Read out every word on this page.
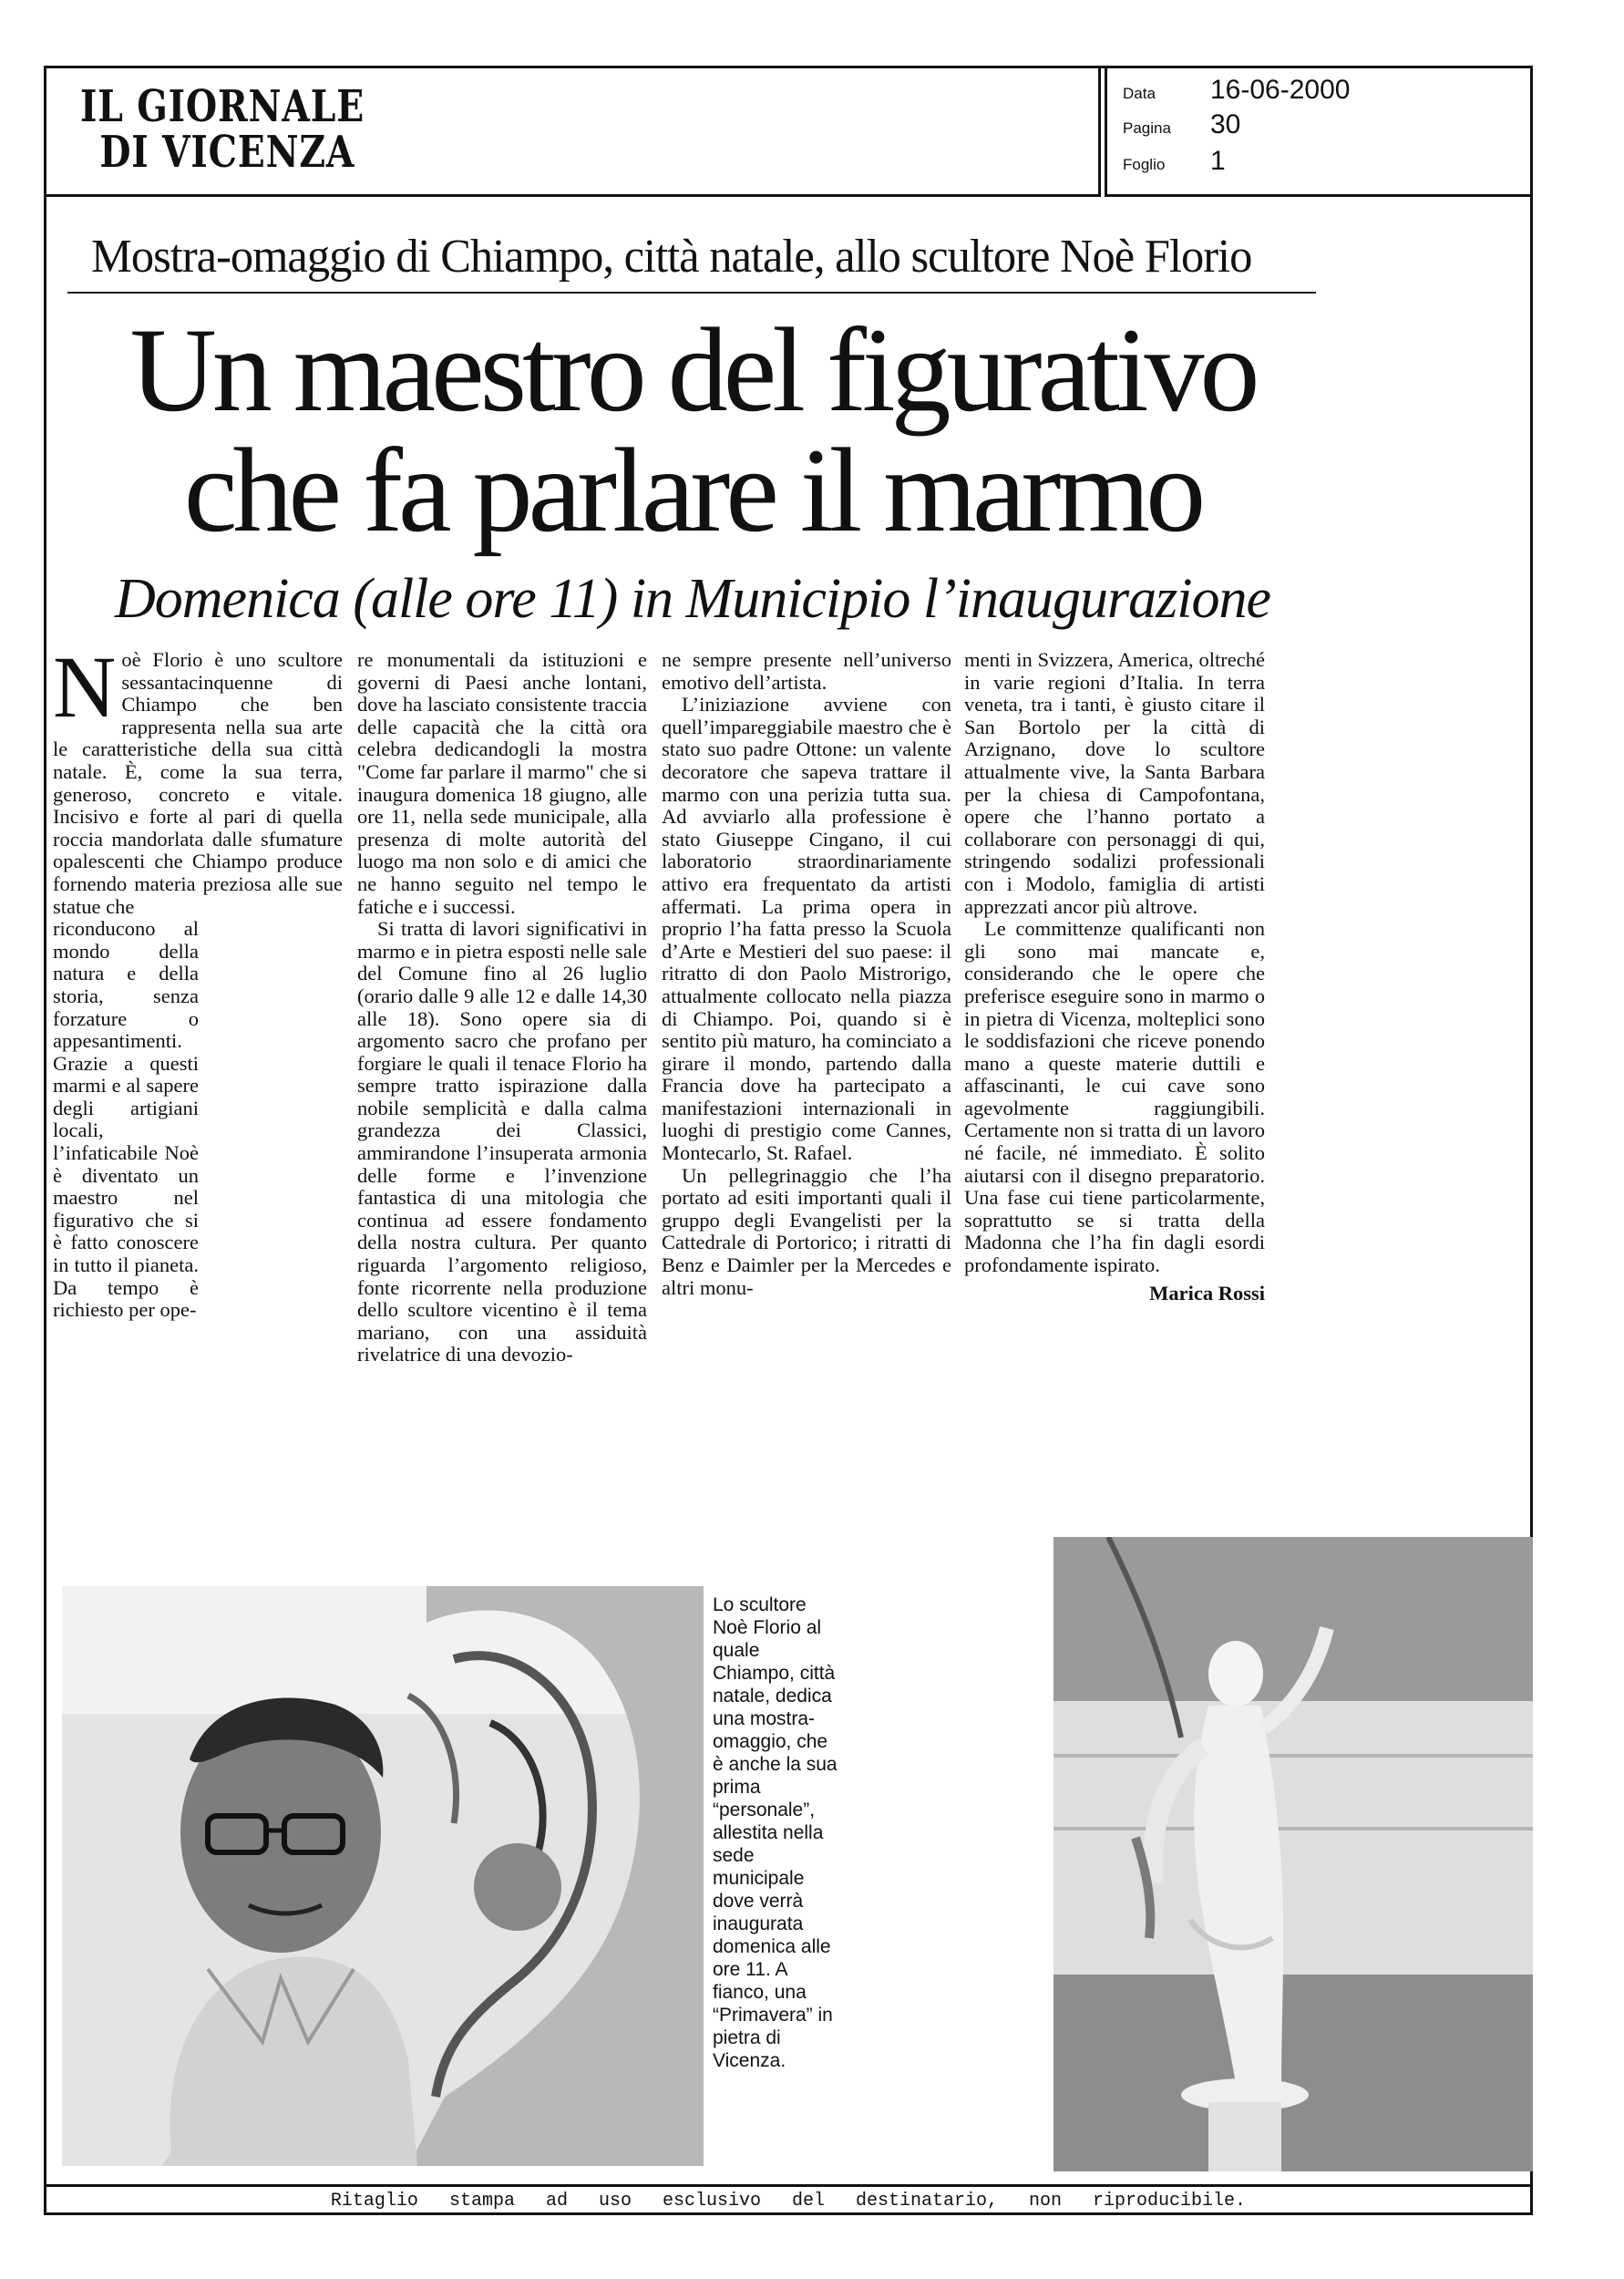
IL GIORNALE
DI VICENZA
Data 16-06-2000
Pagina 30
Foglio 1
Mostra-omaggio di Chiampo, città natale, allo scultore Noè Florio
Un maestro del figurativo
che fa parlare il marmo
Domenica (alle ore 11) in Municipio l’inaugurazione

Noè Florio è uno scultore sessantacinquenne di Chiampo che ben rappresenta nella sua arte le caratteristiche della sua città natale. È, come la sua terra, generoso, concreto e vitale. Incisivo e forte al pari di quella roccia mandorlata dalle sfumature opalescenti che Chiampo produce fornendo materia preziosa alle sue statue che

riconducono al mondo della natura e della storia, senza forzature o appesantimenti. Grazie a questi marmi e al sapere degli artigiani locali, l’infaticabile Noè è diventato un maestro nel figurativo che si è fatto conoscere in tutto il pianeta. Da tempo è richiesto per ope-

re monumentali da istituzioni e governi di Paesi anche lontani, dove ha lasciato consistente traccia delle capacità che la città ora celebra dedicandogli la mostra "Come far parlare il marmo" che si inaugura domenica 18 giugno, alle ore 11, nella sede municipale, alla presenza di molte autorità del luogo ma non solo e di amici che ne hanno seguito nel tempo le fatiche e i successi.

Si tratta di lavori significativi in marmo e in pietra esposti nelle sale del Comune fino al 26 luglio (orario dalle 9 alle 12 e dalle 14,30 alle 18). Sono opere sia di argomento sacro che profano per forgiare le quali il tenace Florio ha sempre tratto ispirazione dalla nobile semplicità e dalla calma grandezza dei Classici, ammirandone l’insuperata armonia delle forme e l’invenzione fantastica di una mitologia che continua ad essere fondamento della nostra cultura. Per quanto riguarda l’argomento religioso, fonte ricorrente nella produzione dello scultore vicentino è il tema mariano, con una assiduità rivelatrice di una devozio-

ne sempre presente nell’universo emotivo dell’artista.

L’iniziazione avviene con quell’impareggiabile maestro che è stato suo padre Ottone: un valente decoratore che sapeva trattare il marmo con una perizia tutta sua. Ad avviarlo alla professione è stato Giuseppe Cingano, il cui laboratorio straordinariamente attivo era frequentato da artisti affermati. La prima opera in proprio l’ha fatta presso la Scuola d’Arte e Mestieri del suo paese: il ritratto di don Paolo Mistrorigo, attualmente collocato nella piazza di Chiampo. Poi, quando si è sentito più maturo, ha cominciato a girare il mondo, partendo dalla Francia dove ha partecipato a manifestazioni internazionali in luoghi di prestigio come Cannes, Montecarlo, St. Rafael.

Un pellegrinaggio che l’ha portato ad esiti importanti quali il gruppo degli Evangelisti per la Cattedrale di Portorico; i ritratti di Benz e Daimler per la Mercedes e altri monu-

menti in Svizzera, America, oltreché in varie regioni d’Italia. In terra veneta, tra i tanti, è giusto citare il San Bortolo per la città di Arzignano, dove lo scultore attualmente vive, la Santa Barbara per la chiesa di Campofontana, opere che l’hanno portato a collaborare con personaggi di qui, stringendo sodalizi professionali con i Modolo, famiglia di artisti apprezzati ancor più altrove.

Le committenze qualificanti non gli sono mai mancate e, considerando che le opere che preferisce eseguire sono in marmo o in pietra di Vicenza, molteplici sono le soddisfazioni che riceve ponendo mano a queste materie duttili e affascinanti, le cui cave sono agevolmente raggiungibili. Certamente non si tratta di un lavoro né facile, né immediato. È solito aiutarsi con il disegno preparatorio. Una fase cui tiene particolarmente, soprattutto se si tratta della Madonna che l’ha fin dagli esordi profondamente ispirato.

Marica Rossi
Lo scultore Noè Florio al quale Chiampo, città natale, dedica una mostra-omaggio, che è anche la sua prima “personale”, allestita nella sede municipale dove verrà inaugurata domenica alle ore 11. A fianco, una “Primavera” in pietra di Vicenza.
Ritaglio stampa ad uso esclusivo del destinatario, non riproducibile.
